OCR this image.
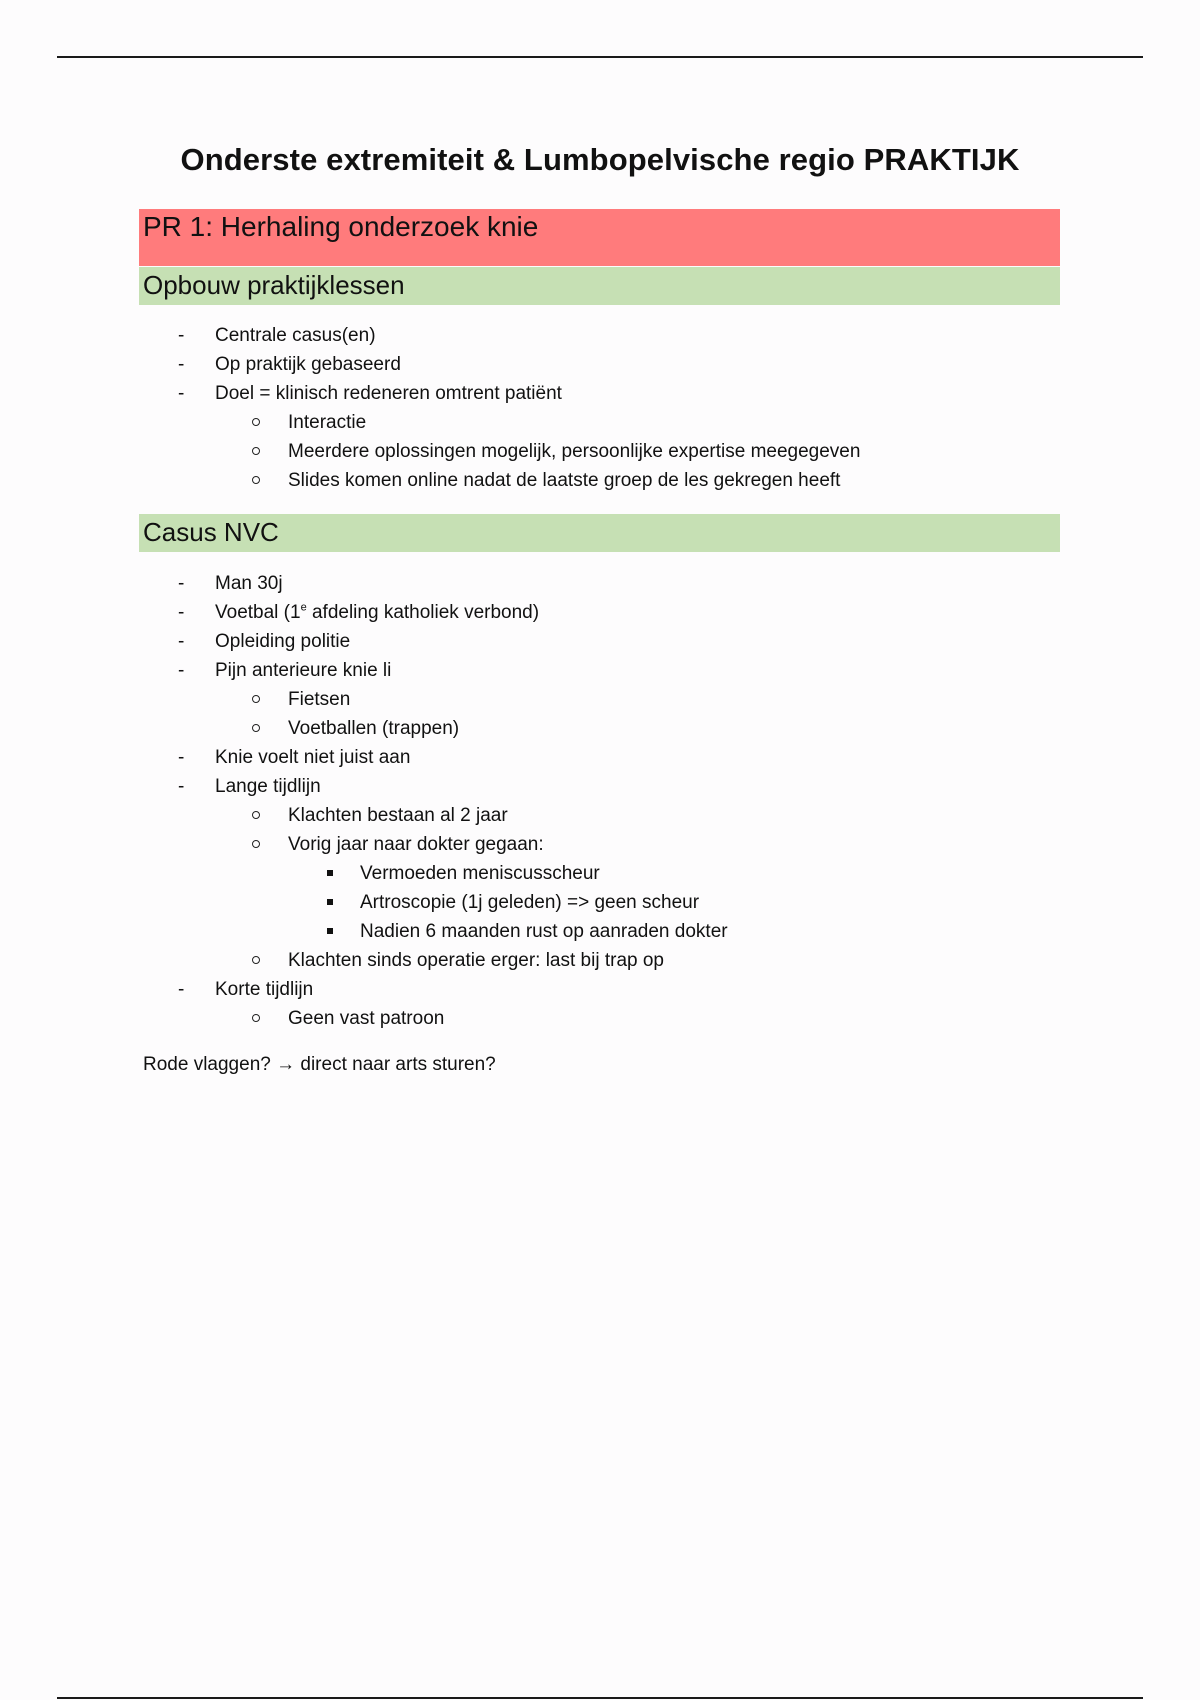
Onderste extremiteit & Lumbopelvische regio PRAKTIJK
PR 1: Herhaling onderzoek knie
Opbouw praktijklessen
- Centrale casus(en)
- Op praktijk gebaseerd
- Doel = klinisch redeneren omtrent patiënt
Interactie
Meerdere oplossingen mogelijk, persoonlijke expertise meegegeven
Slides komen online nadat de laatste groep de les gekregen heeft
Casus NVC
- Man 30j
- Voetbal (1e afdeling katholiek verbond)
- Opleiding politie
- Pijn anterieure knie li
Fietsen
Voetballen (trappen)
- Knie voelt niet juist aan
- Lange tijdlijn
Klachten bestaan al 2 jaar
Vorig jaar naar dokter gegaan:
Vermoeden meniscusscheur
Artroscopie (1j geleden) => geen scheur
Nadien 6 maanden rust op aanraden dokter
Klachten sinds operatie erger: last bij trap op
- Korte tijdlijn
Geen vast patroon

Rode vlaggen? → direct naar arts sturen?
